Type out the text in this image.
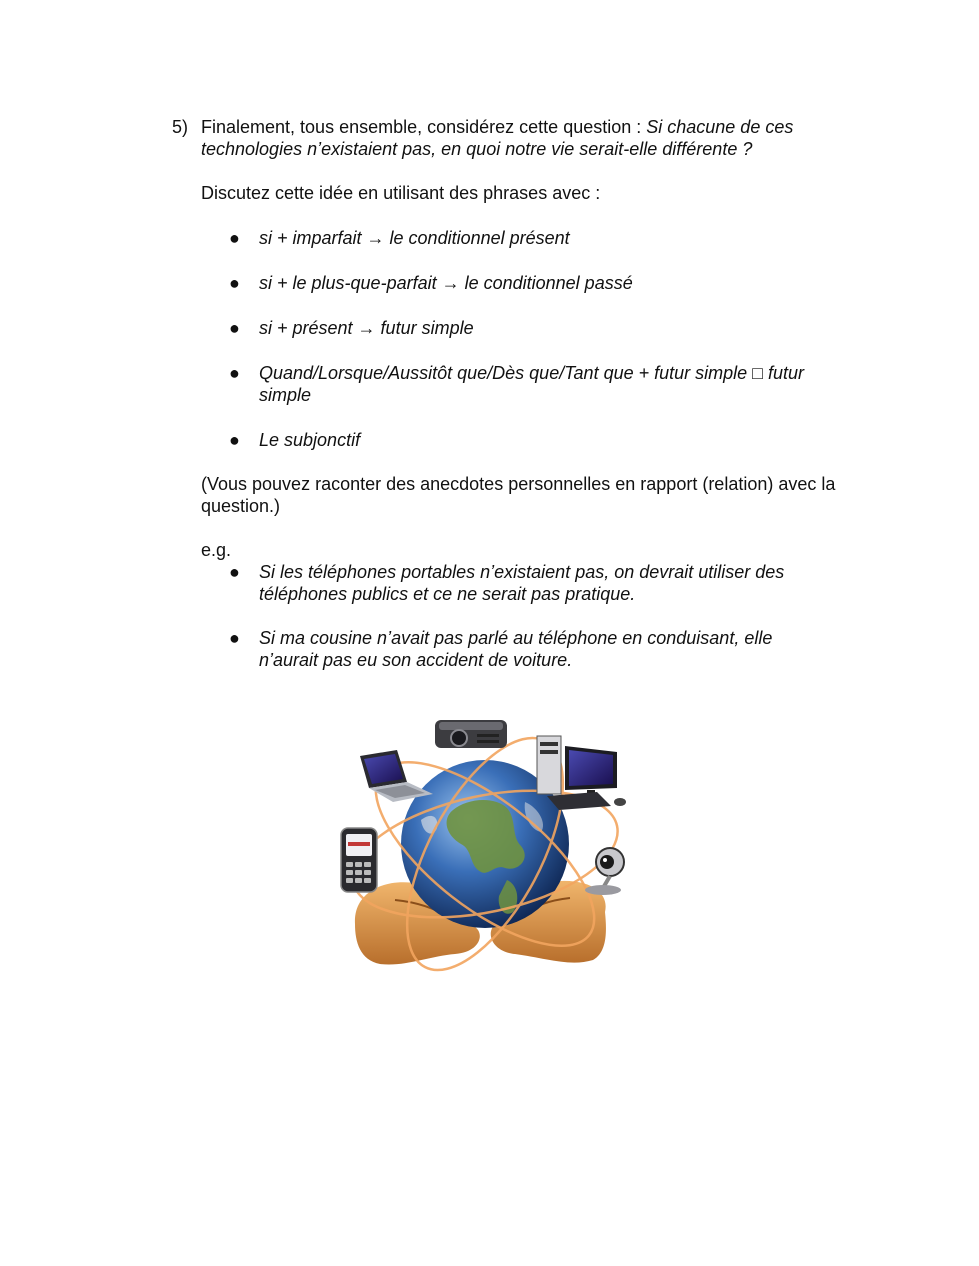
5) Finalement, tous ensemble, considérez cette question : Si chacune de ces technologies n’existaient pas, en quoi notre vie serait-elle différente ?
Discutez cette idée en utilisant des phrases avec :
● si + imparfait → le conditionnel présent
● si + le plus-que-parfait → le conditionnel passé
● si + présent → futur simple
● Quand/Lorsque/Aussitôt que/Dès que/Tant que + futur simple □ futur simple
● Le subjonctif
(Vous pouvez raconter des anecdotes personnelles en rapport (relation) avec la question.)
e.g.
● Si les téléphones portables n’existaient pas, on devrait utiliser des téléphones publics et ce ne serait pas pratique.
● Si ma cousine n’avait pas parlé au téléphone en conduisant, elle n’aurait pas eu son accident de voiture.
